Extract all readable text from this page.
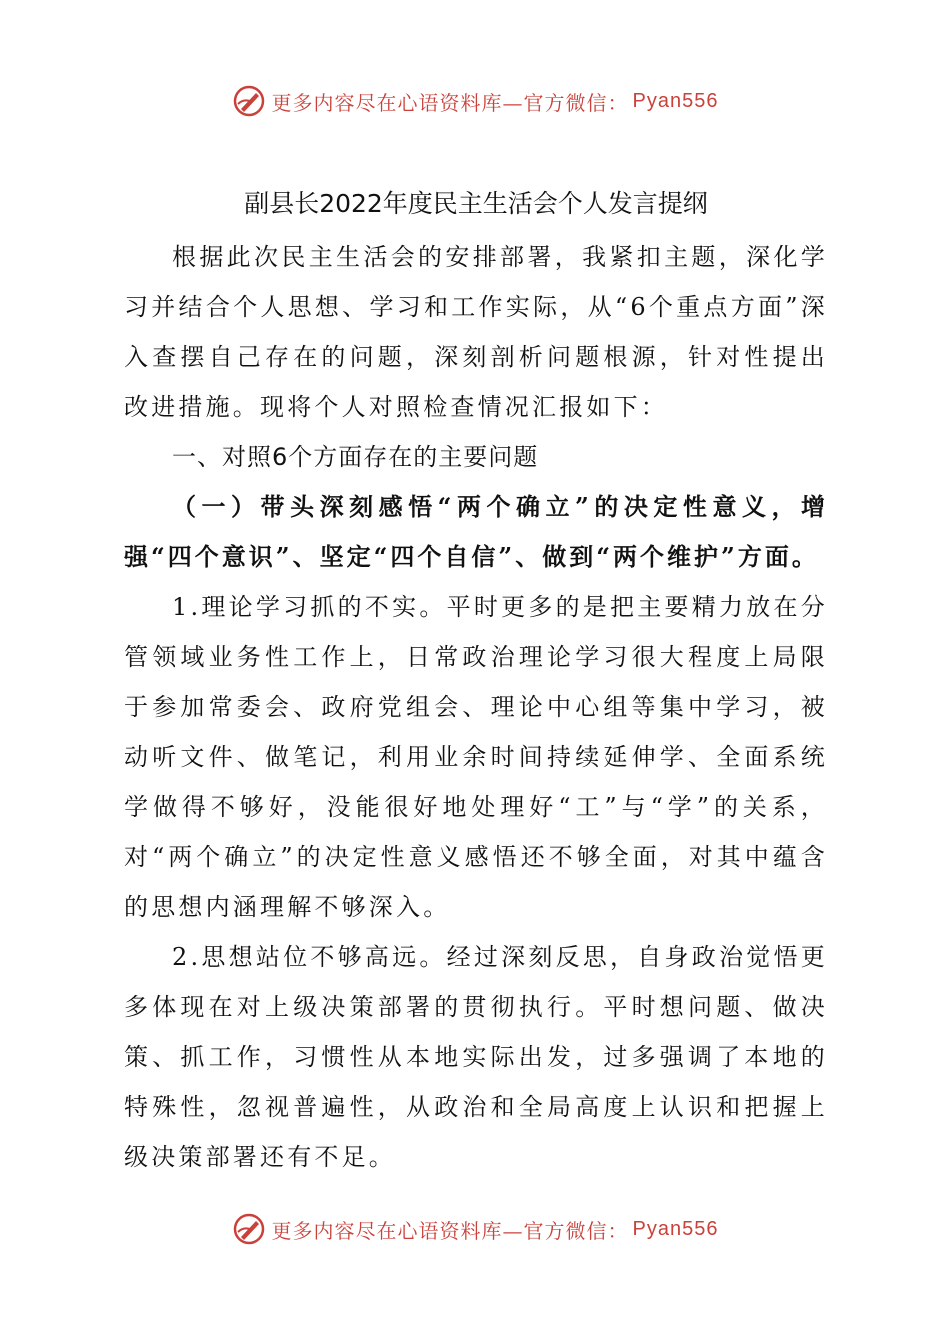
更多内容尽在心语资料库—官方微信： Pyan556
副县长2022年度民主生活会个人发言提纲

根据此次民主生活会的安排部署，我紧扣主题，深化学习并结合个人思想、学习和工作实际，从“6个重点方面”深入查摆自己存在的问题，深刻剖析问题根源，针对性提出改进措施。现将个人对照检查情况汇报如下：

一、对照6个方面存在的主要问题

（一）带头深刻感悟“两个确立”的决定性意义，增强“四个意识”、坚定“四个自信”、做到“两个维护”方面。

1.理论学习抓的不实。平时更多的是把主要精力放在分管领域业务性工作上，日常政治理论学习很大程度上局限于参加常委会、政府党组会、理论中心组等集中学习，被动听文件、做笔记，利用业余时间持续延伸学、全面系统学做得不够好，没能很好地处理好“工”与“学”的关系，对“两个确立”的决定性意义感悟还不够全面，对其中蕴含的思想内涵理解不够深入。

2.思想站位不够高远。经过深刻反思，自身政治觉悟更多体现在对上级决策部署的贯彻执行。平时想问题、做决策、抓工作，习惯性从本地实际出发，过多强调了本地的特殊性，忽视普遍性，从政治和全局高度上认识和把握上级决策部署还有不足。

更多内容尽在心语资料库—官方微信： Pyan556
